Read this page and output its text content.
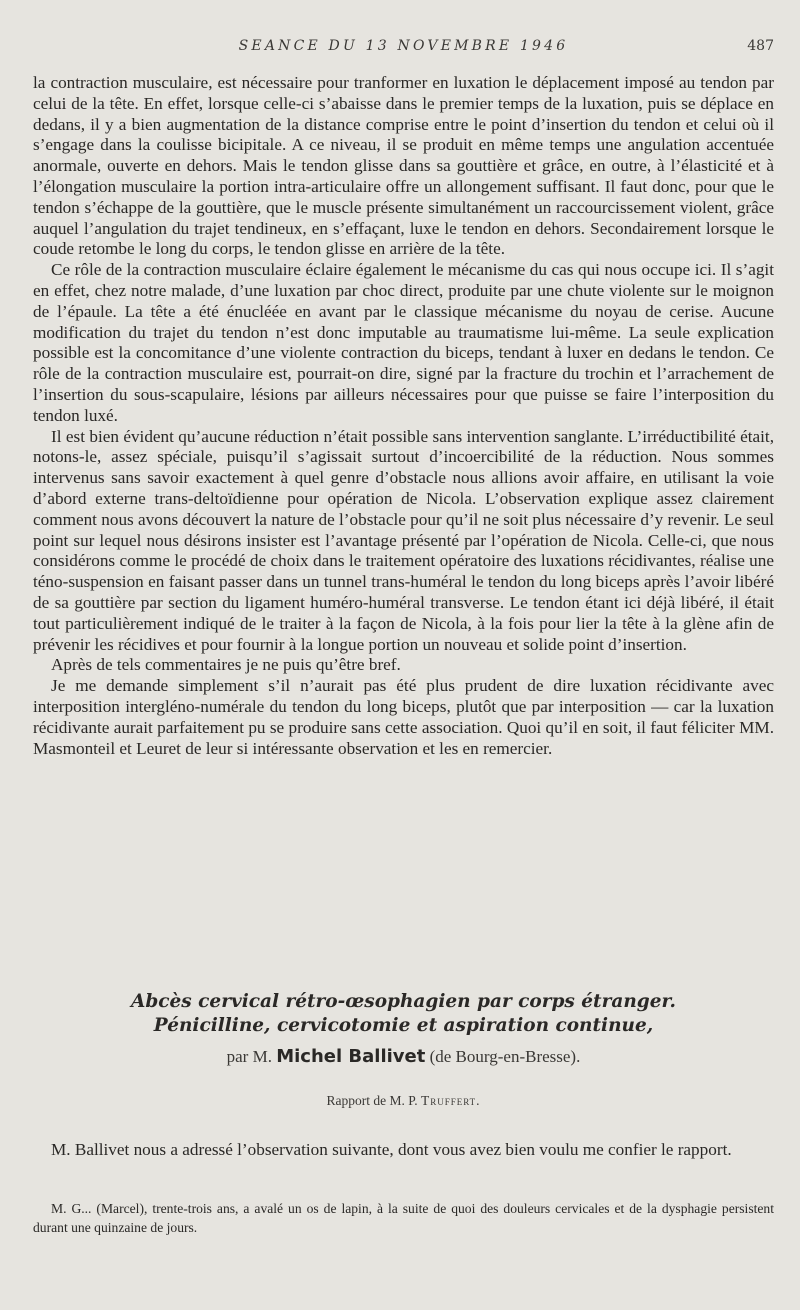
SEANCE DU 13 NOVEMBRE 1946	487

la contraction musculaire, est nécessaire pour tranformer en luxation le déplacement imposé au tendon par celui de la tête. En effet, lorsque celle-ci s’abaisse dans le premier temps de la luxation, puis se déplace en dedans, il y a bien augmentation de la distance comprise entre le point d’insertion du tendon et celui où il s’engage dans la coulisse bicipitale. A ce niveau, il se produit en même temps une angulation accentuée anormale, ouverte en dehors. Mais le tendon glisse dans sa gouttière et grâce, en outre, à l’élasticité et à l’élongation musculaire la portion intra-articulaire offre un allongement suffisant. Il faut donc, pour que le tendon s’échappe de la gouttière, que le muscle présente simultanément un raccourcissement violent, grâce auquel l’angulation du trajet tendineux, en s’effaçant, luxe le tendon en dehors. Secondairement lorsque le coude retombe le long du corps, le tendon glisse en arrière de la tête.

Ce rôle de la contraction musculaire éclaire également le mécanisme du cas qui nous occupe ici. Il s’agit en effet, chez notre malade, d’une luxation par choc direct, produite par une chute violente sur le moignon de l’épaule. La tête a été énucléée en avant par le classique mécanisme du noyau de cerise. Aucune modification du trajet du tendon n’est donc imputable au traumatisme lui-même. La seule explication possible est la concomitance d’une violente contraction du biceps, tendant à luxer en dedans le tendon. Ce rôle de la contraction musculaire est, pourrait-on dire, signé par la fracture du trochin et l’arrachement de l’insertion du sous-scapulaire, lésions par ailleurs nécessaires pour que puisse se faire l’interposition du tendon luxé.

Il est bien évident qu’aucune réduction n’était possible sans intervention sanglante. L’irréductibilité était, notons-le, assez spéciale, puisqu’il s’agissait surtout d’incoercibilité de la réduction. Nous sommes intervenus sans savoir exactement à quel genre d’obstacle nous allions avoir affaire, en utilisant la voie d’abord externe trans-deltoïdienne pour opération de Nicola. L’observation explique assez clairement comment nous avons découvert la nature de l’obstacle pour qu’il ne soit plus nécessaire d’y revenir. Le seul point sur lequel nous désirons insister est l’avantage présenté par l’opération de Nicola. Celle-ci, que nous considérons comme le procédé de choix dans le traitement opératoire des luxations récidivantes, réalise une téno-suspension en faisant passer dans un tunnel trans-huméral le tendon du long biceps après l’avoir libéré de sa gouttière par section du ligament huméro-huméral transverse. Le tendon étant ici déjà libéré, il était tout particulièrement indiqué de le traiter à la façon de Nicola, à la fois pour lier la tête à la glène afin de prévenir les récidives et pour fournir à la longue portion un nouveau et solide point d’insertion.

Après de tels commentaires je ne puis qu’être bref.

Je me demande simplement s’il n’aurait pas été plus prudent de dire luxation récidivante avec interposition intergléno-numérale du tendon du long biceps, plutôt que par interposition — car la luxation récidivante aurait parfaitement pu se produire sans cette association. Quoi qu’il en soit, il faut féliciter MM. Masmonteil et Leuret de leur si intéressante observation et les en remercier.

Abcès cervical rétro-œsophagien par corps étranger.
Pénicilline, cervicotomie et aspiration continue,
par M. Michel Ballivet (de Bourg-en-Bresse).
Rapport de M. P. Truffert.

M. Ballivet nous a adressé l’observation suivante, dont vous avez bien voulu me confier le rapport.

M. G... (Marcel), trente-trois ans, a avalé un os de lapin, à la suite de quoi des douleurs cervicales et de la dysphagie persistent durant une quinzaine de jours.
